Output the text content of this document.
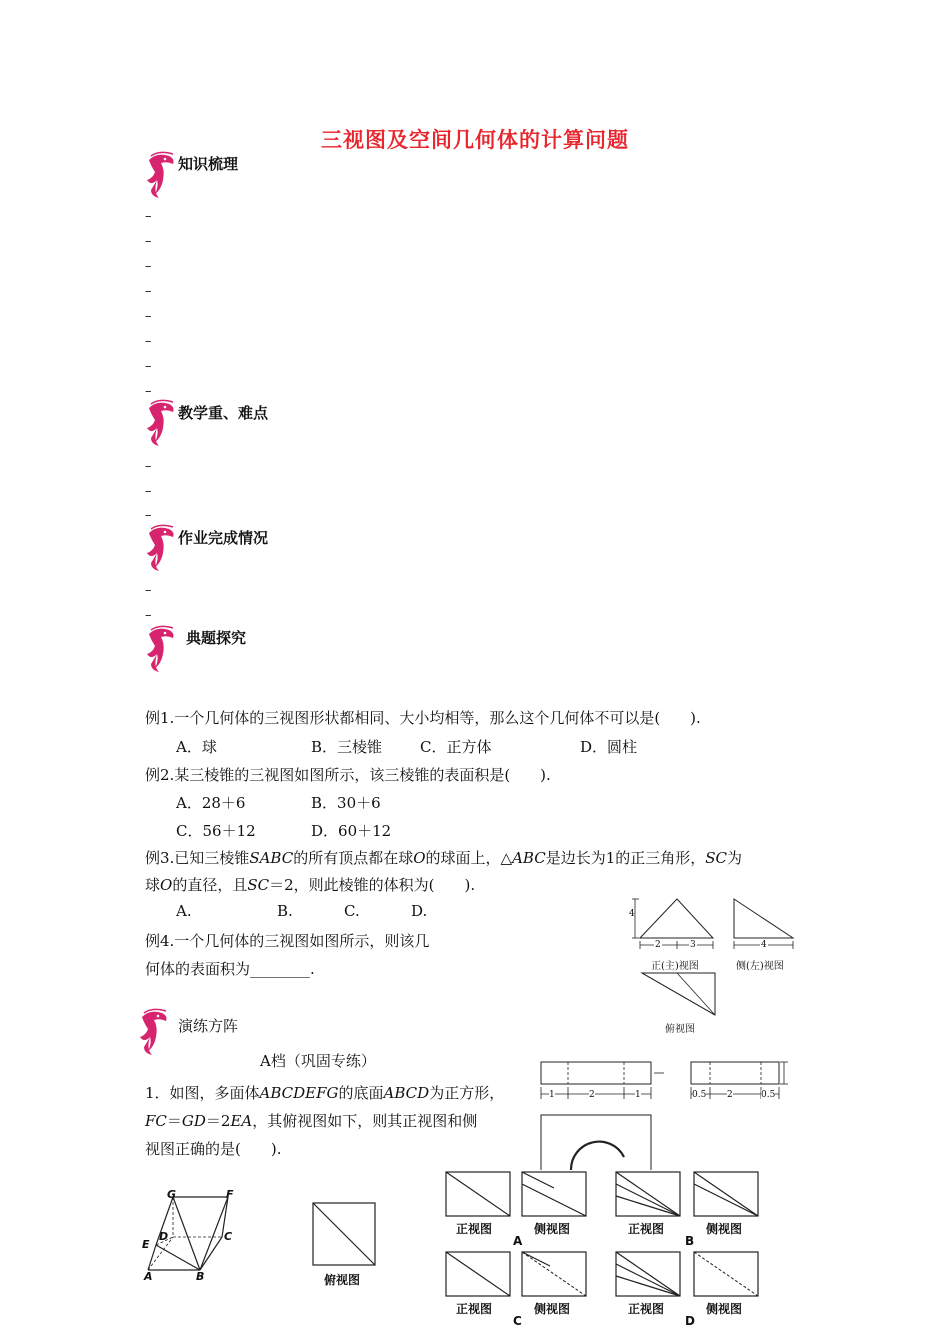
三视图及空间几何体的计算问题
知识梳理
–
–
–
–
–
–
–
–
教学重、难点
–
–
–
作业完成情况
–
–
典题探究
例1.一个几何体的三视图形状都相同、大小均相等，那么这个几何体不可以是(　　).
A．球	B．三棱锥	C．正方体	D．圆柱
例2.某三棱锥的三视图如图所示，该三棱锥的表面积是(　　).
A．28＋6	B．30＋6
C．56＋12	D．60＋12
例3.已知三棱锥SABC的所有顶点都在球O的球面上，△ABC是边长为1的正三角形，SC为
球O的直径，且SC＝2，则此棱锥的体积为(　　).
A.	B.	C.	D.
例4.一个几何体的三视图如图所示，则该几
何体的表面积为________.
4
2	3	4
正(主)视图	侧(左)视图
俯视图
演练方阵
A档（巩固专练）
1．如图，多面体ABCDEFG的底面ABCD为正方形，
FC＝GD＝2EA，其俯视图如下，则其正视图和侧
视图正确的是(　　).
1	2	1	0.5 2	0.5
G	F
E
D	C
A	B	俯视图
正视图	侧视图
A
正视图	侧视图
B
正视图	侧视图
C
正视图	侧视图
D
